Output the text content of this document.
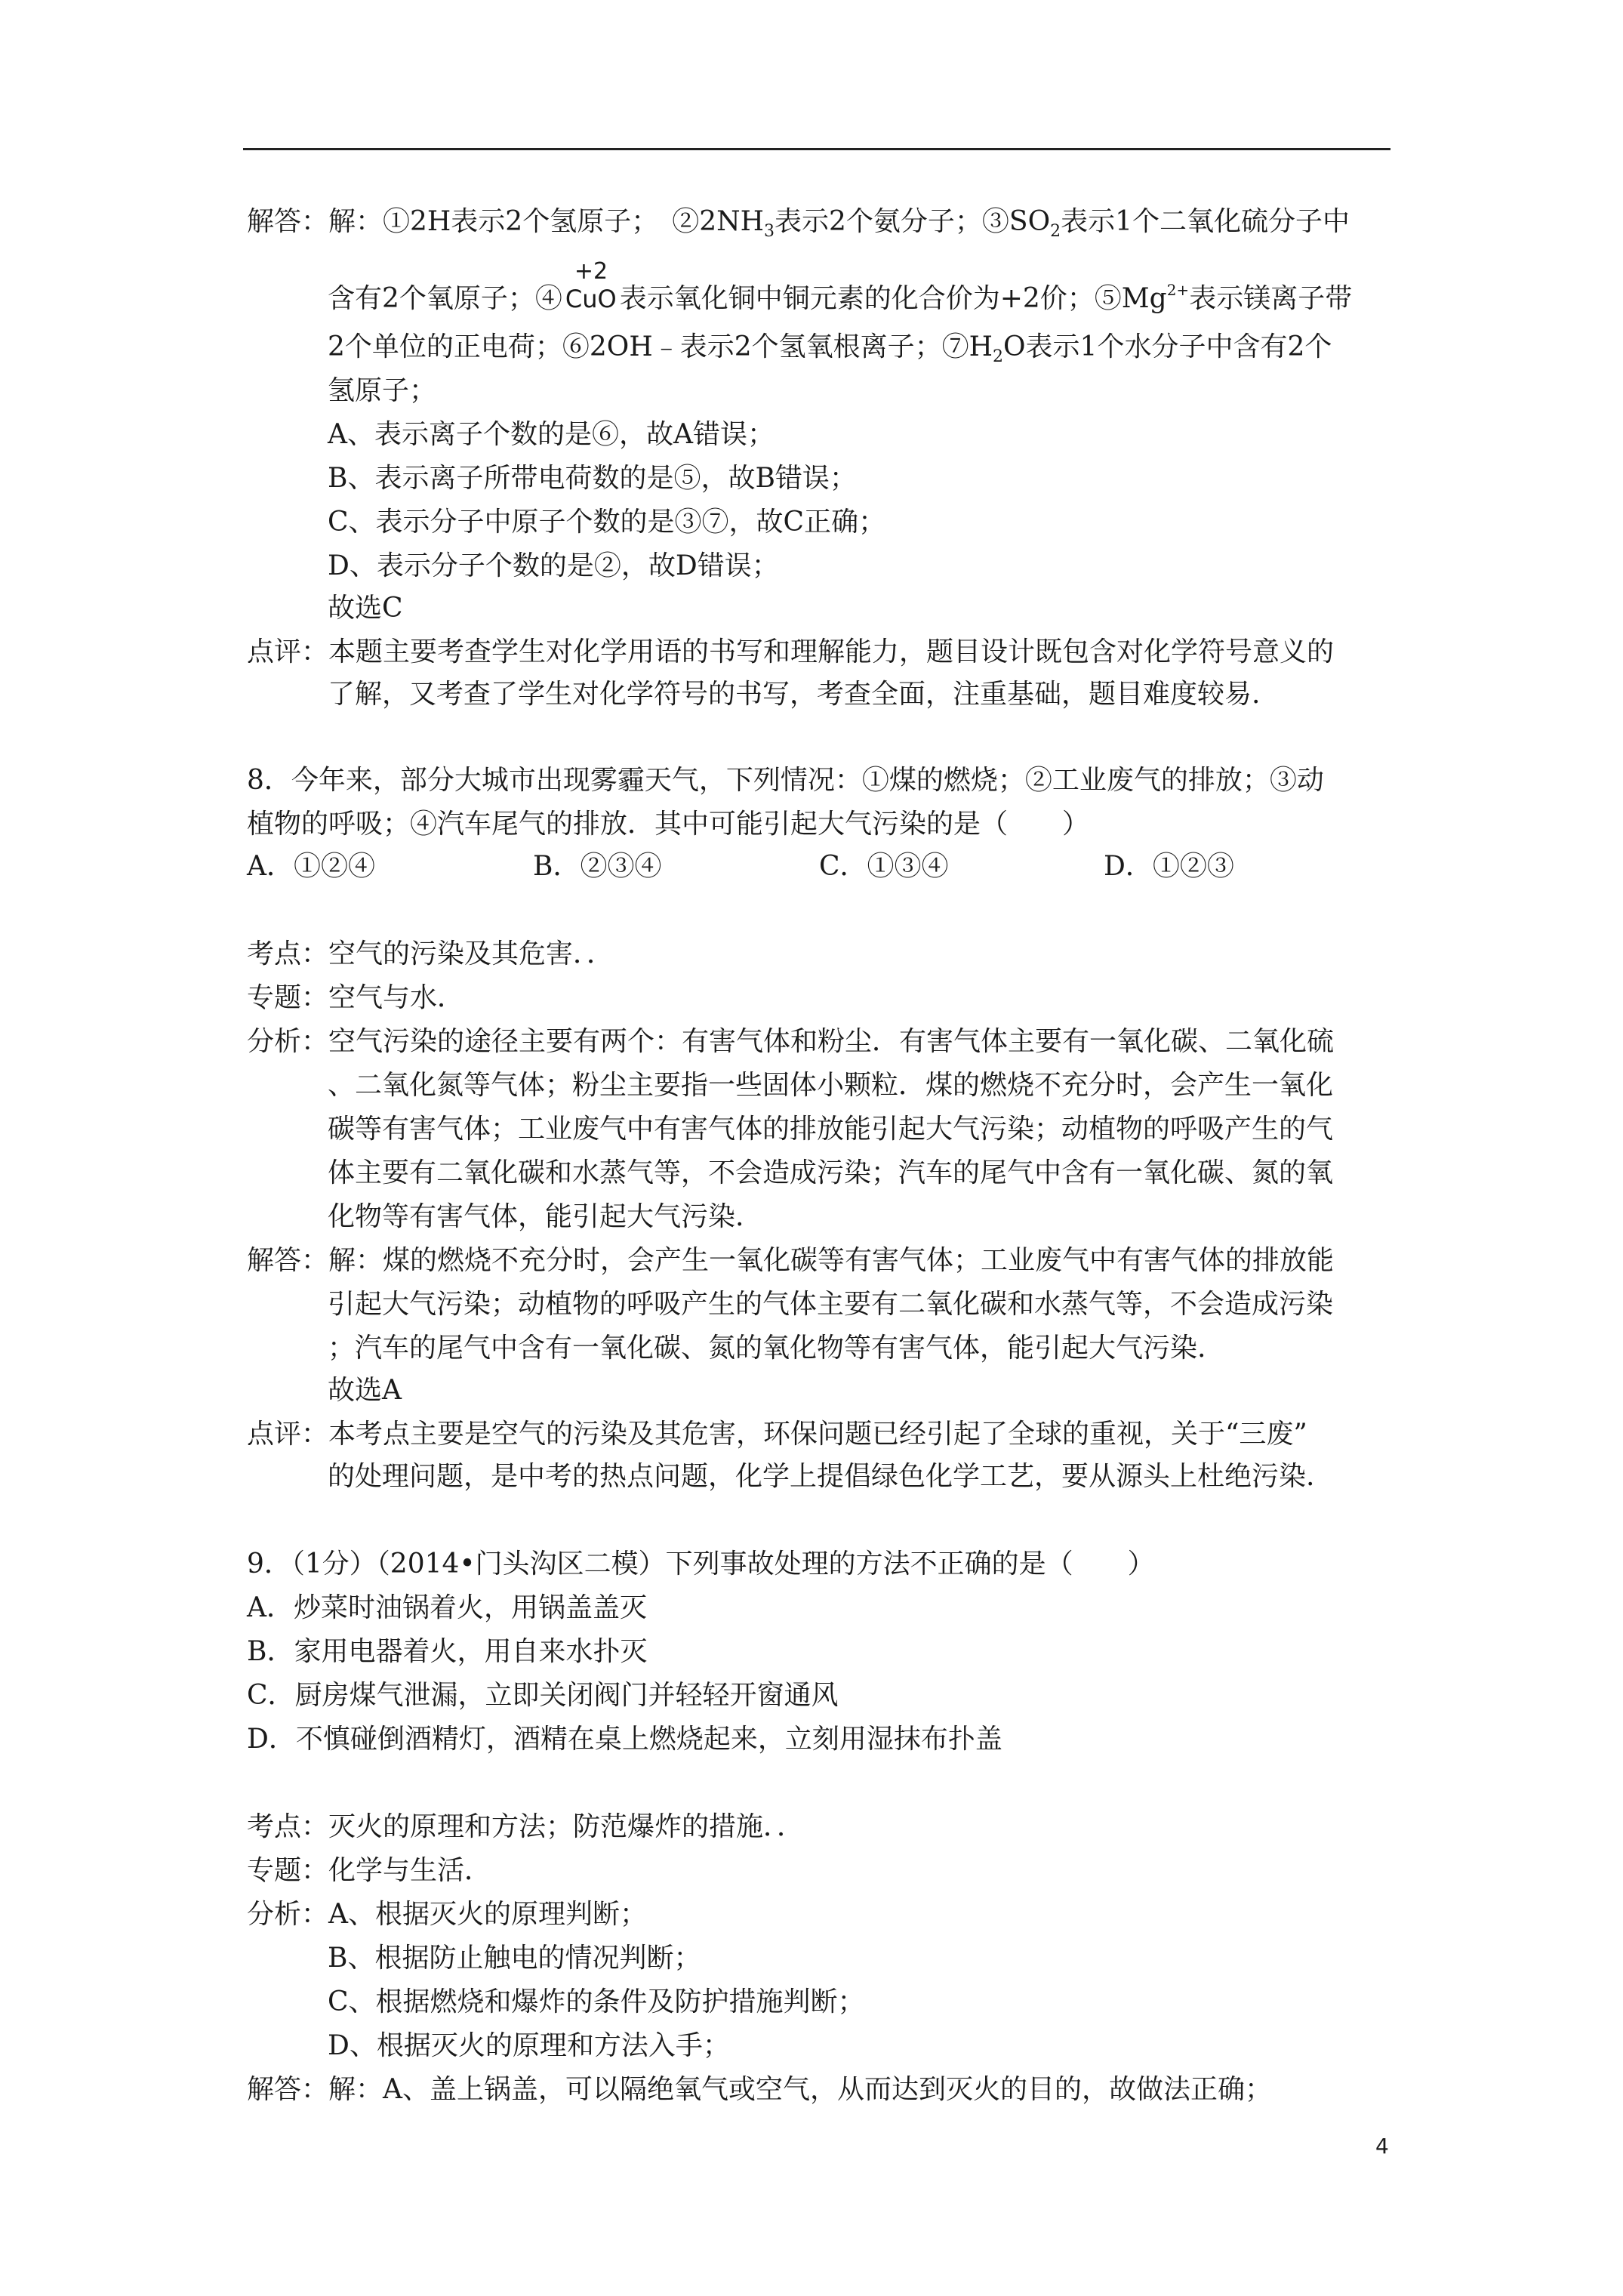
解答：解：①2H表示2个氢原子；　$②2NH_3$表示2个氨分子；$③SO_2$表示1个二氧化硫分子中
含有2个氧原子；④
+2
CuO 表示氧化铜中铜元素的化合价为+2价；$⑤Mg^{2+}$表示镁离子带
2个单位的正电荷；⑥2OH﹣表示2个氢氧根离子；$⑦H_2O$表示1个水分子中含有2个
氢原子；
A、表示离子个数的是⑥，故A错误；
B、表示离子所带电荷数的是⑤，故B错误；
C、表示分子中原子个数的是③⑦，故C正确；
D、表示分子个数的是②，故D错误；
故选C
点评：本题主要考查学生对化学用语的书写和理解能力，题目设计既包含对化学符号意义的
了解，又考查了学生对化学符号的书写，考查全面，注重基础，题目难度较易.
8．今年来，部分大城市出现雾霾天气，下列情况：①煤的燃烧；②工业废气的排放；③动
植物的呼吸；④汽车尾气的排放．其中可能引起大气污染的是（　　）
A．①②④	B．②③④	C．①③④	D．①②③
考点：空气的污染及其危害．．
专题：空气与水．
分析：空气污染的途径主要有两个：有害气体和粉尘．有害气体主要有一氧化碳、二氧化硫
、二氧化氮等气体；粉尘主要指一些固体小颗粒．煤的燃烧不充分时，会产生一氧化
碳等有害气体；工业废气中有害气体的排放能引起大气污染；动植物的呼吸产生的气
体主要有二氧化碳和水蒸气等，不会造成污染；汽车的尾气中含有一氧化碳、氮的氧
化物等有害气体，能引起大气污染.
解答：解：煤的燃烧不充分时，会产生一氧化碳等有害气体；工业废气中有害气体的排放能
引起大气污染；动植物的呼吸产生的气体主要有二氧化碳和水蒸气等，不会造成污染
；汽车的尾气中含有一氧化碳、氮的氧化物等有害气体，能引起大气污染.
故选A
点评：本考点主要是空气的污染及其危害，环保问题已经引起了全球的重视，关于“三废”
的处理问题，是中考的热点问题，化学上提倡绿色化学工艺，要从源头上杜绝污染.
9．（1分）（2014•门头沟区二模）下列事故处理的方法不正确的是（　　）
A．炒菜时油锅着火，用锅盖盖灭
B．家用电器着火，用自来水扑灭
C．厨房煤气泄漏，立即关闭阀门并轻轻开窗通风
D．不慎碰倒酒精灯，酒精在桌上燃烧起来，立刻用湿抹布扑盖
考点：灭火的原理和方法；防范爆炸的措施．．
专题：化学与生活．
分析：A、根据灭火的原理判断；
B、根据防止触电的情况判断；
C、根据燃烧和爆炸的条件及防护措施判断；
D、根据灭火的原理和方法入手；
解答：解：A、盖上锅盖，可以隔绝氧气或空气，从而达到灭火的目的，故做法正确；
4
